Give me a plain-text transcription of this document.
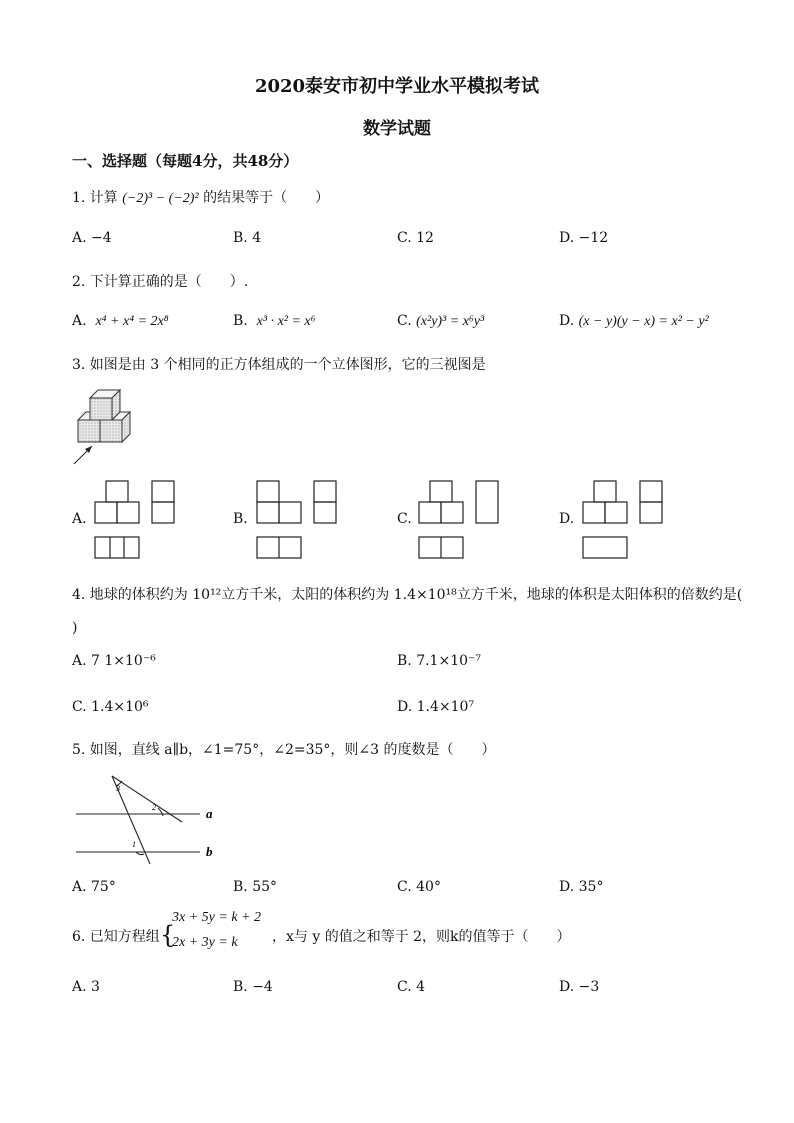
2020泰安市初中学业水平模拟考试
数学试题
一、选择题（每题4分，共48分）
1. 计算 (−2)³ − (−2)² 的结果等于（　　）
A. −4	B. 4	C. 12	D. −12
2. 下计算正确的是（　　）.
A. x⁴ + x⁴ = 2x⁸	B. x³ · x² = x⁶	C. (x²y)³ = x⁶y³	D. (x − y)(y − x) = x² − y²
3. 如图是由 3 个相同的正方体组成的一个立体图形，它的三视图是
A.	B.	C.	D.
4. 地球的体积约为 10¹²立方千米，太阳的体积约为 1.4×10¹⁸立方千米，地球的体积是太阳体积的倍数约是(
)
A. 7 1×10⁻⁶	B. 7.1×10⁻⁷
C. 1.4×10⁶	D. 1.4×10⁷
5. 如图，直线 a∥b，∠1=75°，∠2=35°，则∠3 的度数是（　　）
3
2
1
a
b
A. 75°	B. 55°	C. 40°	D. 35°
6. 已知方程组 {
3x + 5y = k + 2
2x + 3y = k ，x与 y 的值之和等于 2，则k的值等于（　　）
A. 3	B. −4	C. 4	D. −3
